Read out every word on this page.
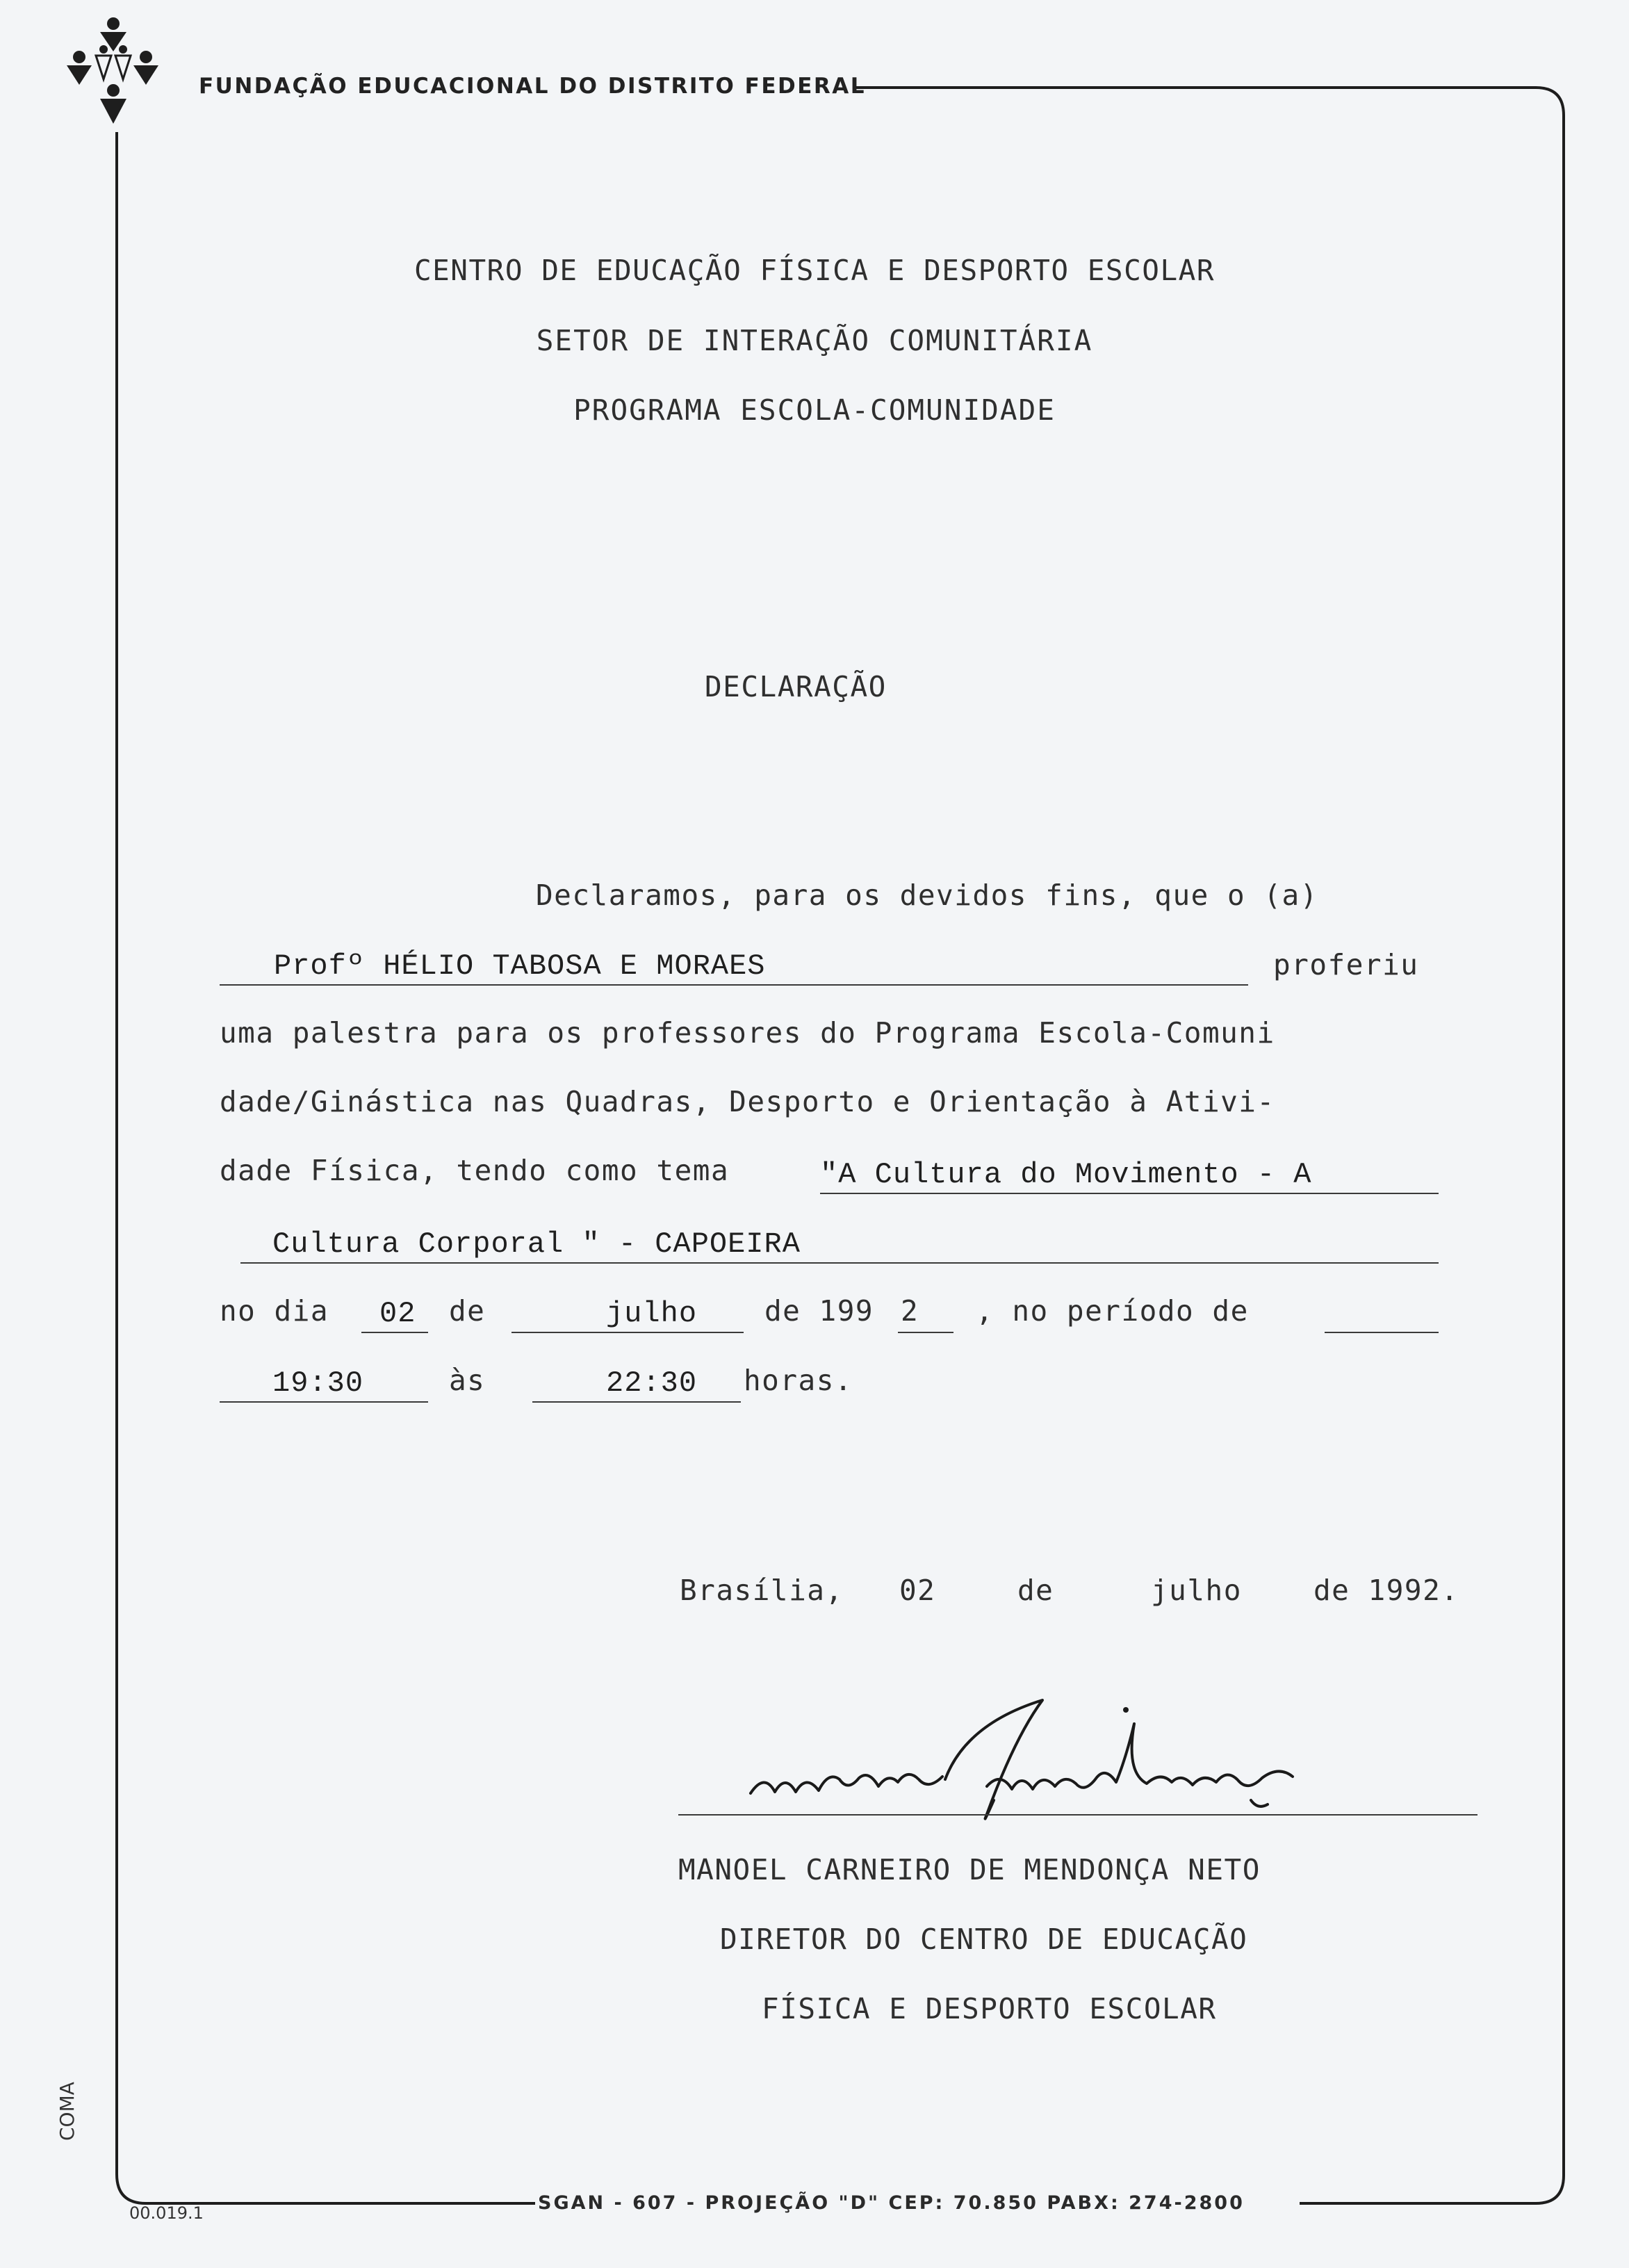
FUNDAÇÃO EDUCACIONAL DO DISTRITO FEDERAL
CENTRO DE EDUCAÇÃO FÍSICA E DESPORTO ESCOLAR
SETOR DE INTERAÇÃO COMUNITÁRIA
PROGRAMA ESCOLA-COMUNIDADE
DECLARAÇÃO
Declaramos, para os devidos fins, que o (a)
Profº HÉLIO TABOSA E MORAES	proferiu
uma palestra para os professores do Programa Escola-Comuni
dade/Ginástica nas Quadras, Desporto e Orientação à Ativi-
dade Física, tendo como tema	"A Cultura do Movimento - A
Cultura Corporal " - CAPOEIRA
no dia 02 de	julho de 199 2 , no período de
19:30	às	22:30 horas.
Brasília, 02	de	julho	de 1992.
MANOEL CARNEIRO DE MENDONÇA NETO
DIRETOR DO CENTRO DE EDUCAÇÃO
FÍSICA E DESPORTO ESCOLAR
SGAN - 607 - PROJEÇÃO "D" CEP: 70.850 PABX: 274-2800
COMA
00.019.1
